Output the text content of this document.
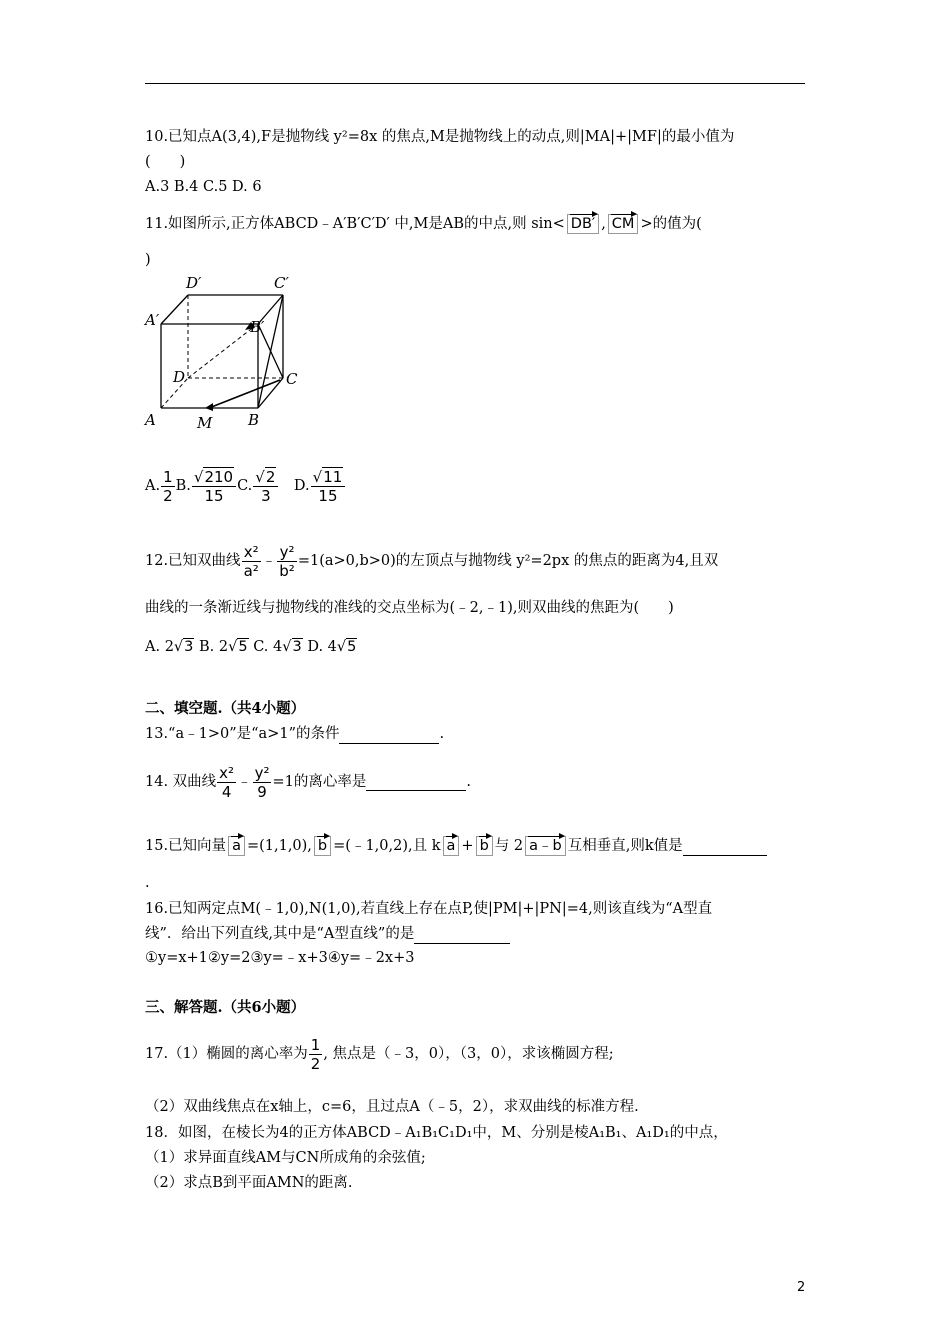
10.已知点A(3,4),F是抛物线 y²=8x 的焦点,M是抛物线上的动点,则|MA|+|MF|的最小值为
(　　)
A.3 B.4 C.5 D. 6
11.如图所示,正方体ABCD﹣A′B′C′D′ 中,M是AB的中点,则 sin< DB′ , CM >的值为(
)
D′	C′
A′	B′
D	C
A	M B
A. $\frac{1}{2} B$. $\frac{√210}{15} C$. $\frac{√2}{3}$ 　D. $\frac{√11}{15}$
12.已知双曲线 $\frac{\text{x²}}{\text{a²}}$ ﹣ $\frac{\text{y²}}{\text{b²}} =1(a>0,b>0)$的左顶点与抛物线 y²=2px 的焦点的距离为4,且双
曲线的一条渐近线与抛物线的准线的交点坐标为(﹣2,﹣1),则双曲线的焦距为(　　)
A. 2√3 B. 2√5 C. 4√3 D. 4√5
二、填空题.（共4小题）
13.“a﹣1>0”是“a>1”的条件	.
14. 双曲线 $\frac{\text{x²}}{4}$ ﹣ $\frac{\text{y²}}{9} =1$的离心率是	.
15.已知向量 a =(1,1,0), b =(﹣1,0,2),且 k a + b 与 2 a﹣b 互相垂直,则k值是
.
16.已知两定点M(﹣1,0),N(1,0),若直线上存在点P,使|PM|+|PN|=4,则该直线为“A型直
线”．给出下列直线,其中是“A型直线”的是
①y=x+1②y=2③y=﹣x+3④y=﹣2x+3
三、解答题.（共6小题）
17.（1）椭圆的离心率为 $\frac{1}{2}$ , 焦点是（﹣3，0），（3，0），求该椭圆方程;
（2）双曲线焦点在x轴上，c=6，且过点A（﹣5，2），求双曲线的标准方程.
18．如图，在棱长为4的正方体ABCD﹣A₁B₁C₁D₁中，M、分别是棱A₁B₁、A₁D₁的中点，
（1）求异面直线AM与CN所成角的余弦值;
（2）求点B到平面AMN的距离.
2
